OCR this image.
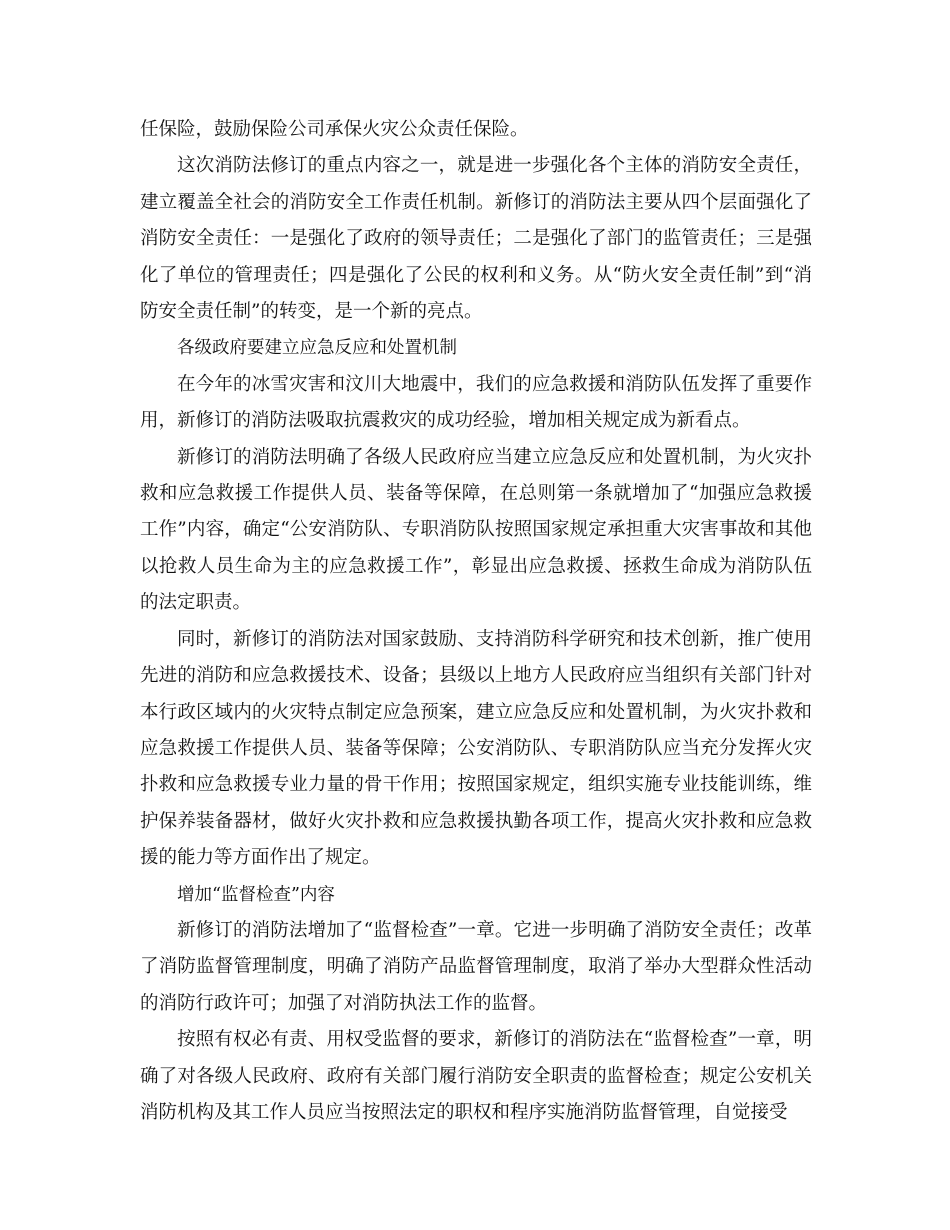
任保险，鼓励保险公司承保火灾公众责任保险。

这次消防法修订的重点内容之一，就是进一步强化各个主体的消防安全责任，建立覆盖全社会的消防安全工作责任机制。新修订的消防法主要从四个层面强化了消防安全责任：一是强化了政府的领导责任；二是强化了部门的监管责任；三是强化了单位的管理责任；四是强化了公民的权利和义务。从“防火安全责任制”到“消防安全责任制”的转变，是一个新的亮点。

各级政府要建立应急反应和处置机制

在今年的冰雪灾害和汶川大地震中，我们的应急救援和消防队伍发挥了重要作用，新修订的消防法吸取抗震救灾的成功经验，增加相关规定成为新看点。

新修订的消防法明确了各级人民政府应当建立应急反应和处置机制，为火灾扑救和应急救援工作提供人员、装备等保障，在总则第一条就增加了“加强应急救援工作”内容，确定“公安消防队、专职消防队按照国家规定承担重大灾害事故和其他以抢救人员生命为主的应急救援工作”，彰显出应急救援、拯救生命成为消防队伍的法定职责。

同时，新修订的消防法对国家鼓励、支持消防科学研究和技术创新，推广使用先进的消防和应急救援技术、设备；县级以上地方人民政府应当组织有关部门针对本行政区域内的火灾特点制定应急预案，建立应急反应和处置机制，为火灾扑救和应急救援工作提供人员、装备等保障；公安消防队、专职消防队应当充分发挥火灾扑救和应急救援专业力量的骨干作用；按照国家规定，组织实施专业技能训练，维护保养装备器材，做好火灾扑救和应急救援执勤各项工作，提高火灾扑救和应急救援的能力等方面作出了规定。

增加“监督检查”内容

新修订的消防法增加了“监督检查”一章。它进一步明确了消防安全责任；改革了消防监督管理制度，明确了消防产品监督管理制度，取消了举办大型群众性活动的消防行政许可；加强了对消防执法工作的监督。

按照有权必有责、用权受监督的要求，新修订的消防法在“监督检查”一章，明确了对各级人民政府、政府有关部门履行消防安全职责的监督检查；规定公安机关消防机构及其工作人员应当按照法定的职权和程序实施消防监督管理，自觉接受
